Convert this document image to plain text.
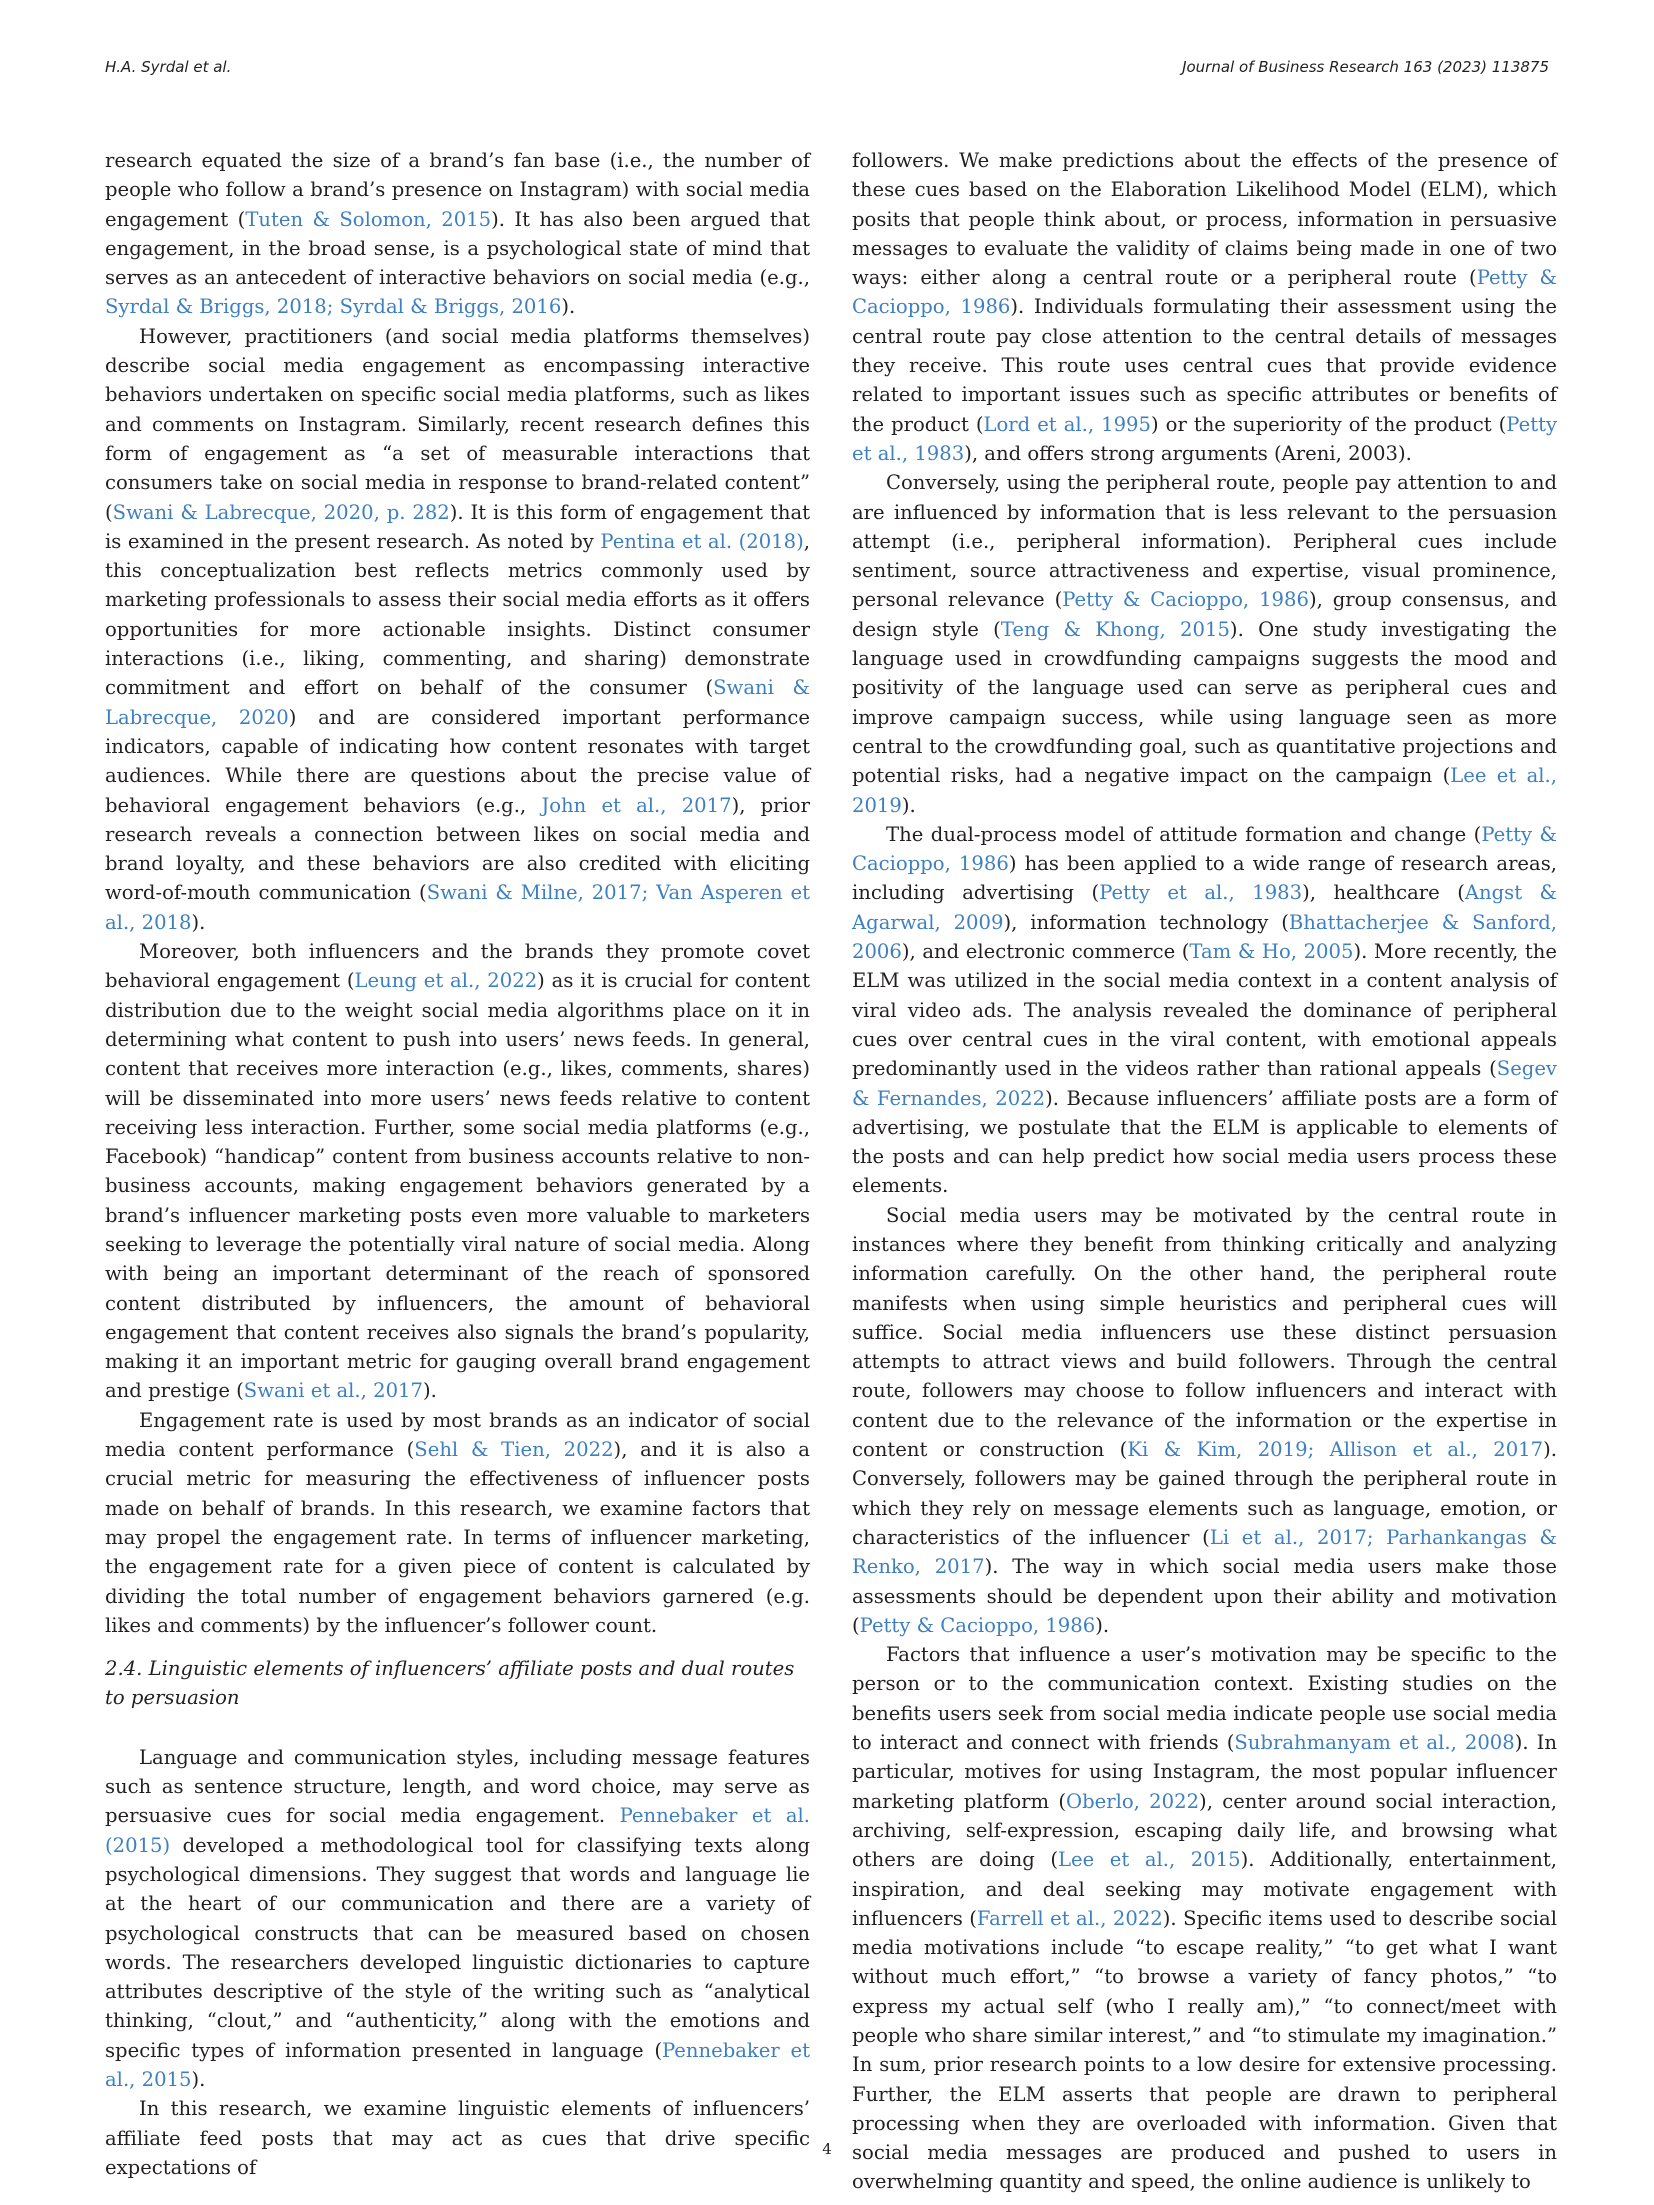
H.A. Syrdal et al.	Journal of Business Research 163 (2023) 113875

research equated the size of a brand’s fan base (i.e., the number of people who follow a brand’s presence on Instagram) with social media engagement (Tuten & Solomon, 2015). It has also been argued that engagement, in the broad sense, is a psychological state of mind that serves as an antecedent of interactive behaviors on social media (e.g., Syrdal & Briggs, 2018; Syrdal & Briggs, 2016).

However, practitioners (and social media platforms themselves) describe social media engagement as encompassing interactive behaviors undertaken on specific social media platforms, such as likes and comments on Instagram. Similarly, recent research defines this form of engagement as “a set of measurable interactions that consumers take on social media in response to brand-related content” (Swani & Labrecque, 2020, p. 282). It is this form of engagement that is examined in the present research. As noted by Pentina et al. (2018), this conceptualization best reflects metrics commonly used by marketing professionals to assess their social media efforts as it offers opportunities for more actionable insights. Distinct consumer interactions (i.e., liking, commenting, and sharing) demonstrate commitment and effort on behalf of the consumer (Swani & Labrecque, 2020) and are considered important performance indicators, capable of indicating how content resonates with target audiences. While there are questions about the precise value of behavioral engagement behaviors (e.g., John et al., 2017), prior research reveals a connection between likes on social media and brand loyalty, and these behaviors are also credited with eliciting word-of-mouth communication (Swani & Milne, 2017; Van Asperen et al., 2018).

Moreover, both influencers and the brands they promote covet behavioral engagement (Leung et al., 2022) as it is crucial for content distribution due to the weight social media algorithms place on it in determining what content to push into users’ news feeds. In general, content that receives more interaction (e.g., likes, comments, shares) will be disseminated into more users’ news feeds relative to content receiving less interaction. Further, some social media platforms (e.g., Facebook) “handicap” content from business accounts relative to non-business accounts, making engagement behaviors generated by a brand’s influencer marketing posts even more valuable to marketers seeking to leverage the potentially viral nature of social media. Along with being an important determinant of the reach of sponsored content distributed by influencers, the amount of behavioral engagement that content receives also signals the brand’s popularity, making it an important metric for gauging overall brand engagement and prestige (Swani et al., 2017).

Engagement rate is used by most brands as an indicator of social media content performance (Sehl & Tien, 2022), and it is also a crucial metric for measuring the effectiveness of influencer posts made on behalf of brands. In this research, we examine factors that may propel the engagement rate. In terms of influencer marketing, the engagement rate for a given piece of content is calculated by dividing the total number of engagement behaviors garnered (e.g. likes and comments) by the influencer’s follower count.

2.4. Linguistic elements of influencers’ affiliate posts and dual routes to persuasion

Language and communication styles, including message features such as sentence structure, length, and word choice, may serve as persuasive cues for social media engagement. Pennebaker et al. (2015) developed a methodological tool for classifying texts along psychological dimensions. They suggest that words and language lie at the heart of our communication and there are a variety of psychological constructs that can be measured based on chosen words. The researchers developed linguistic dictionaries to capture attributes descriptive of the style of the writing such as “analytical thinking, “clout,” and “authenticity,” along with the emotions and specific types of information presented in language (Pennebaker et al., 2015).

In this research, we examine linguistic elements of influencers’ affiliate feed posts that may act as cues that drive specific expectations of

followers. We make predictions about the effects of the presence of these cues based on the Elaboration Likelihood Model (ELM), which posits that people think about, or process, information in persuasive messages to evaluate the validity of claims being made in one of two ways: either along a central route or a peripheral route (Petty & Cacioppo, 1986). Individuals formulating their assessment using the central route pay close attention to the central details of messages they receive. This route uses central cues that provide evidence related to important issues such as specific attributes or benefits of the product (Lord et al., 1995) or the superiority of the product (Petty et al., 1983), and offers strong arguments (Areni, 2003).

Conversely, using the peripheral route, people pay attention to and are influenced by information that is less relevant to the persuasion attempt (i.e., peripheral information). Peripheral cues include sentiment, source attractiveness and expertise, visual prominence, personal relevance (Petty & Cacioppo, 1986), group consensus, and design style (Teng & Khong, 2015). One study investigating the language used in crowdfunding campaigns suggests the mood and positivity of the language used can serve as peripheral cues and improve campaign success, while using language seen as more central to the crowdfunding goal, such as quantitative projections and potential risks, had a negative impact on the campaign (Lee et al., 2019).

The dual-process model of attitude formation and change (Petty & Cacioppo, 1986) has been applied to a wide range of research areas, including advertising (Petty et al., 1983), healthcare (Angst & Agarwal, 2009), information technology (Bhattacherjee & Sanford, 2006), and electronic commerce (Tam & Ho, 2005). More recently, the ELM was utilized in the social media context in a content analysis of viral video ads. The analysis revealed the dominance of peripheral cues over central cues in the viral content, with emotional appeals predominantly used in the videos rather than rational appeals (Segev & Fernandes, 2022). Because influencers’ affiliate posts are a form of advertising, we postulate that the ELM is applicable to elements of the posts and can help predict how social media users process these elements.

Social media users may be motivated by the central route in instances where they benefit from thinking critically and analyzing information carefully. On the other hand, the peripheral route manifests when using simple heuristics and peripheral cues will suffice. Social media influencers use these distinct persuasion attempts to attract views and build followers. Through the central route, followers may choose to follow influencers and interact with content due to the relevance of the information or the expertise in content or construction (Ki & Kim, 2019; Allison et al., 2017). Conversely, followers may be gained through the peripheral route in which they rely on message elements such as language, emotion, or characteristics of the influencer (Li et al., 2017; Parhankangas & Renko, 2017). The way in which social media users make those assessments should be dependent upon their ability and motivation (Petty & Cacioppo, 1986).

Factors that influence a user’s motivation may be specific to the person or to the communication context. Existing studies on the benefits users seek from social media indicate people use social media to interact and connect with friends (Subrahmanyam et al., 2008). In particular, motives for using Instagram, the most popular influencer marketing platform (Oberlo, 2022), center around social interaction, archiving, self-expression, escaping daily life, and browsing what others are doing (Lee et al., 2015). Additionally, entertainment, inspiration, and deal seeking may motivate engagement with influencers (Farrell et al., 2022). Specific items used to describe social media motivations include “to escape reality,” “to get what I want without much effort,” “to browse a variety of fancy photos,” “to express my actual self (who I really am),” “to connect/meet with people who share similar interest,” and “to stimulate my imagination.” In sum, prior research points to a low desire for extensive processing. Further, the ELM asserts that people are drawn to peripheral processing when they are overloaded with information. Given that social media messages are produced and pushed to users in overwhelming quantity and speed, the online audience is unlikely to

4
